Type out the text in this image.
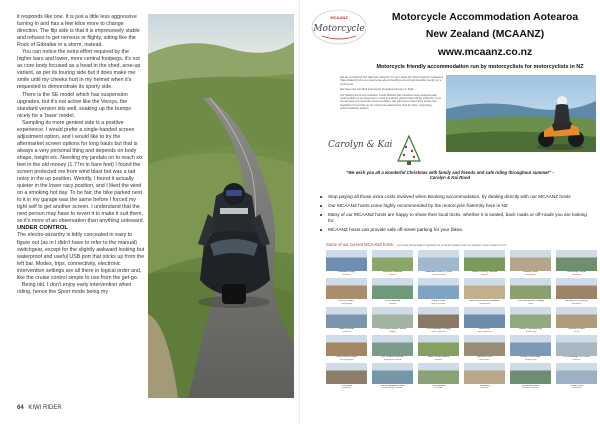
it responds like one. It is just a little less aggressive turning in and has a few kilos more to change direction. The flip side is that it is impressively stable and refuses to get nervous or flighty, sitting like the Rock of Gibraltar in a storm, instead.

You can notice the extra effort required by the higher bars and lower, more central footpegs, it's not as core body focused as a head in the shed, arse-up variant, as per its touring side but it does make me smile until my cheeks hurt in my helmet when it's requested to demonstrate its sporty side.

There is the SE model which has suspension upgrades, but it's not active like the Versys, the standard version sits well, soaking up the bumps nicely for a 'base' model.

Sampling its more genteel side is a positive experience. I would prefer a single-handed screen adjustment option, and I would like to try the aftermarket screen options for long hauls but that is always a very personal thing and depends on body shape, height etc. Needing my jandals on to reach six feet in the old money (1.77m in bare feet) I found the screen protected me from wind blast but was a tad noisy in the up position. Weirdly, I found it actually quieter in the lower racy position, and I liked the wind on a smoking hot day. To be fair, the bike parked next to it in my garage was the same before I forced my tight self to get another screen. I understand that the next person may have to revert it to make it suit them, so it's more of an observation than anything untoward.

UNDER CONTROL

The electro-wizardry is tidily concealed in easy to figure out (as in I didn't have to refer to the manual) switchgear, except for the slightly awkward looking but waterproof and useful USB port that sticks up from the left bar. Modes, trips, connectivity, electronic intervention settings are all there in logical order and, like the cruise control simple to use from the get-go.

Being old, I don't enjoy early intervention when riding, hence the Sport mode being my

64 KIWI RIDER
MCAANZ
Motorcycle
Motorcycle Accommodation Aotearoa
New Zealand (MCAANZ)
www.mcaanz.co.nz
Motorcycle friendly accommodation run by motorcyclists for motorcyclists in NZ

We are a husband and wife team based in Te Ha o Mata (the North Island) of Aotearoa (New Zealand) who are passionate about travelling around and beautiful country on a motorcycle.

We have now travelled extensively throughout Europe in Italia.

Our Motorcycle Accommodation Guide Website has therefore been designed with motorcyclists on an adventure in mind and all the places listed will be visited by us so we can give our personal recommendation. We will ensure that it ticks all the core regulation boxes that we as motorcycle adventurers look for when requesting accommodation options.

Carolyn & Kai
"We wish you all a wonderful Christmas with family and friends and safe riding throughout summer" - Carolyn & Kai Rood
Stop paying all those extra costs involved when Booking accommodation, by dealing directly with our MCAANZ hosts
Our MCAANZ hosts come highly recommended by the motorcycle fraternity here in NZ
Many of our MCAANZ hosts are happy to share their local tricks, whether it is sealed, back roads or off-roads you are looking for
MCAANZ hosts can provide safe off-street parking for your bikes.
Some of our current MCAANZ hosts more are being added regularly, for a full list please visit our website, www.mcaanz.co.nz
Okauaka Lodge
Rotorua
Kokopal Paradise
Opononi
Pakaraka Country Home
Bay of Islands
Pearls Country Retreat
Waikato
Jubilee Place
Whanganui
Taroa Bay Lodge
Northland
Jenny's Place
Otorohanga
Kiwi's Retreat
Thames
Marine View
Bay of Islands
Lara's Rest Accommodation
Taumarunui
The Farmhouse Cottage
Otaki
Jamilee's Homestay
Masterton
Baari Retreat
Kaikoura
The Coast Guest House
Raglan
The Rodeway Cottage
New Plymouth
Abel Bayz
New Plymouth
Castle Thaihaka Bay
Golden Bay
Jericho's Place
Picton
Cosy Nordic Cabin
Mt Maunganui
Our Shared Heaven
Mangakino Island
Little Forest Cabins
Hanmer
Central B & B
Ashburton
Auberri Homestay
Tasman Bay
The Doveway Inn Home
Rotorua
The Rests
Waimate
The Whakatane Cabin
Marlborough Sounds
The Balance
Reefton
Tobeluna
Waikikie
Boulevard Marr
Hanmer Springs
Botten Mar
Northland
